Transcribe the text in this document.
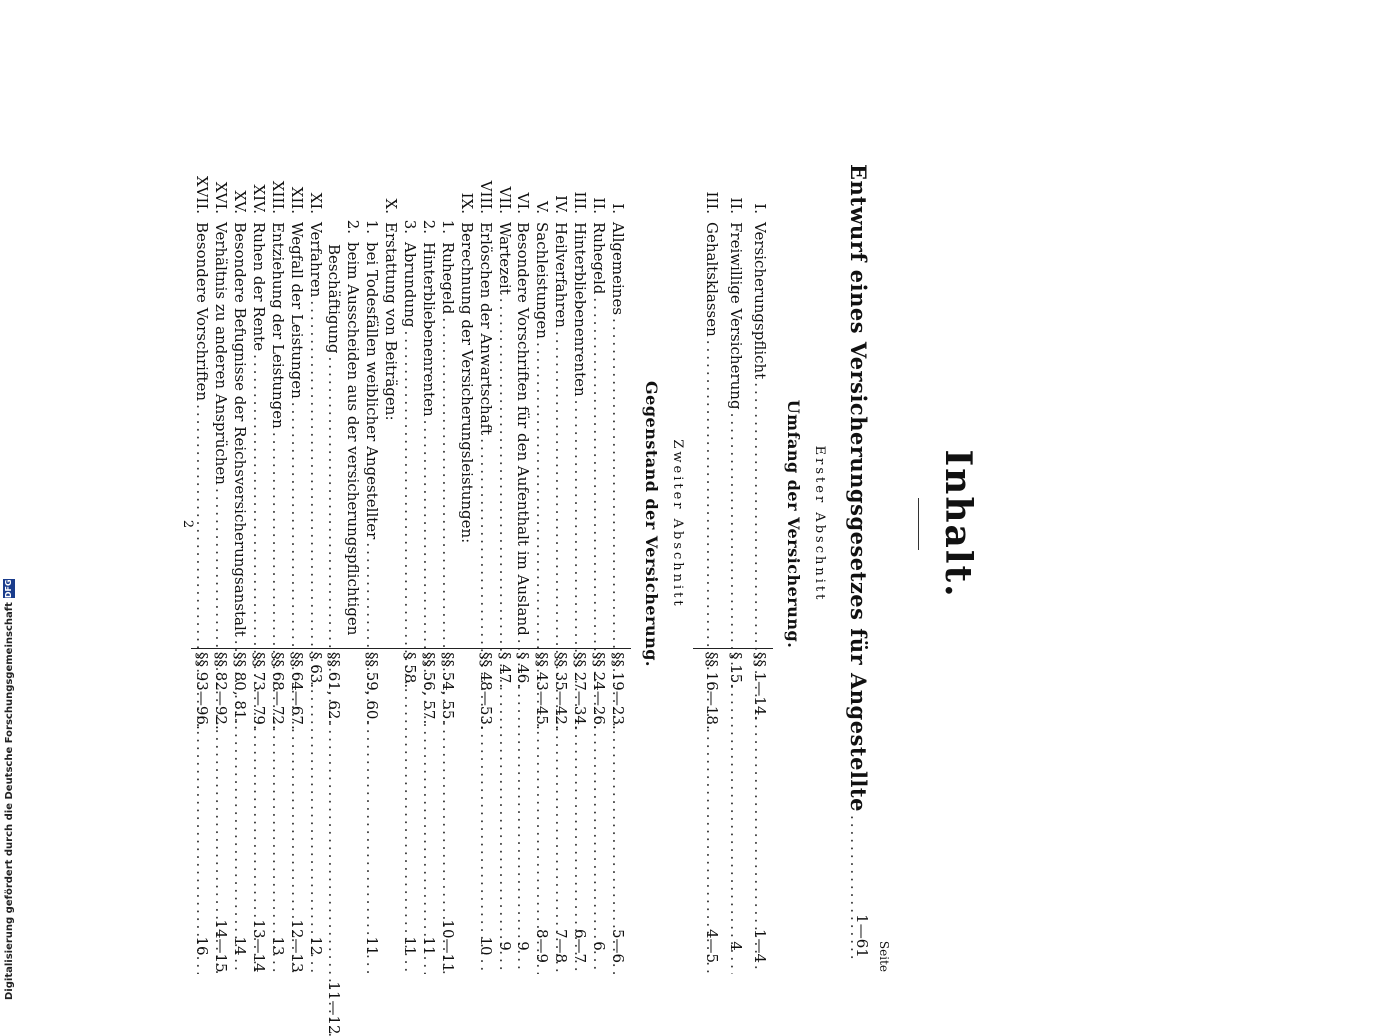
Inhalt.
Seite
Entwurf eines Versicherungsgesetzes für Angestellte
.....
1—61
Erster Abschnitt
Umfang der Versicherung.
I.Versicherungspflicht
.....
§§ 1—14.
1—4
II.Freiwillige Versicherung
.....
§ 15.
4
III.Gehaltsklassen
.....
§§ 16—18.
4—5
Zweiter Abschnitt
Gegenstand der Versicherung.
I.Allgemeines
.....
§§ 19—23.
5—6
II.Ruhegeld
.....
§§ 24—26.
6
III.Hinterbliebenenrenten
.....
§§ 27—34.
6—7
IV.Heilverfahren
.....
§§ 35—42.
7—8
V.Sachleistungen
.....
§§ 43—45.
8—9
VI.Besondere Vorschriften für den Aufenthalt im Ausland
.....
§ 46.
9
VII.Wartezeit
.....
§ 47.
9
VIII.Erlöschen der Anwartschaft
.....
§§ 48—53.
10
IX.Berechnung der Versicherungsleistungen:
1.Ruhegeld
.....
§§ 54, 55.
10—11
2.Hinterbliebenenrenten
.....
§§ 56, 57.
11
3.Abrundung
.....
§ 58.
11
X.Erstattung von Beiträgen:
1.bei Todesfällen weiblicher Angestellter
.....
§§ 59, 60.
11
2.beim Ausscheiden aus der versicherungspflichtigen
Beschäftigung
.....
§§ 61, 62.
11—12
XI.Verfahren
.....
§ 63.
12
XII.Wegfall der Leistungen
.....
§§ 64—67.
12—13
XIII.Entziehung der Leistungen
.....
§§ 68—72.
13
XIV.Ruhen der Rente
.....
§§ 73—79.
13—14
XV.Besondere Befugnisse der Reichsversicherungsanstalt
.....
§§ 80, 81.
14
XVI.Verhältnis zu anderen Ansprüchen
.....
§§ 82—92.
14—15
XVII.Besondere Vorschriften
.....
§§ 93—96.
16
2
Digitalisierung gefördert durch die Deutsche Forschungsgemeinschaft
DFG
